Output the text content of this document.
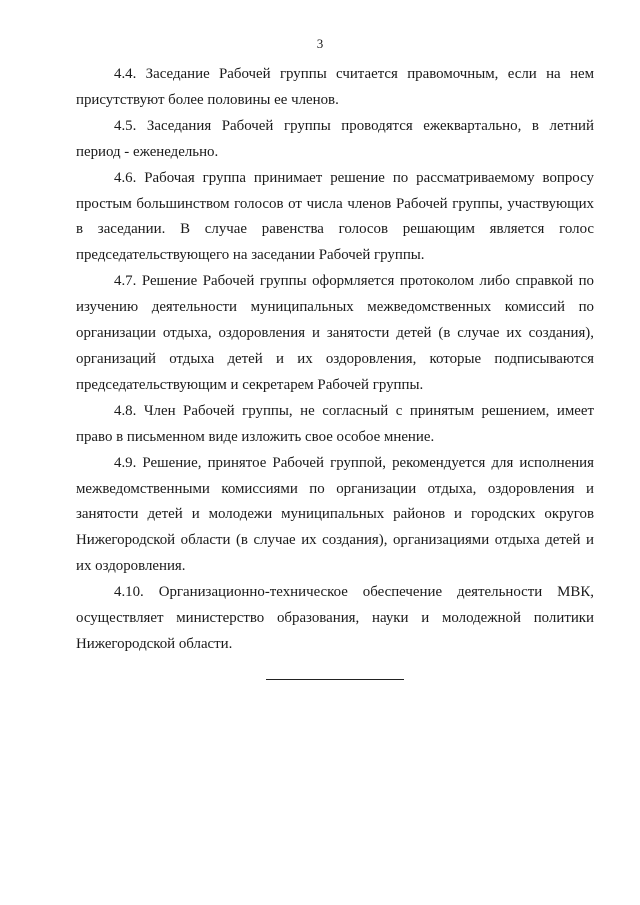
3

4.4. Заседание Рабочей группы считается правомочным, если на нем присутствуют более половины ее членов.

4.5. Заседания Рабочей группы проводятся ежеквартально, в летний период - еженедельно.

4.6. Рабочая группа принимает решение по рассматриваемому вопросу простым большинством голосов от числа членов Рабочей группы, участвующих в заседании. В случае равенства голосов решающим является голос председательствующего на заседании Рабочей группы.

4.7. Решение Рабочей группы оформляется протоколом либо справкой по изучению деятельности муниципальных межведомственных комиссий по организации отдыха, оздоровления и занятости детей (в случае их создания), организаций отдыха детей и их оздоровления, которые подписываются председательствующим и секретарем Рабочей группы.

4.8. Член Рабочей группы, не согласный с принятым решением, имеет право в письменном виде изложить свое особое мнение.

4.9. Решение, принятое Рабочей группой, рекомендуется для исполнения межведомственными комиссиями по организации отдыха, оздоровления и занятости детей и молодежи муниципальных районов и городских округов Нижегородской области (в случае их создания), организациями отдыха детей и их оздоровления.

4.10. Организационно-техническое обеспечение деятельности МВК, осуществляет министерство образования, науки и молодежной политики Нижегородской области.
